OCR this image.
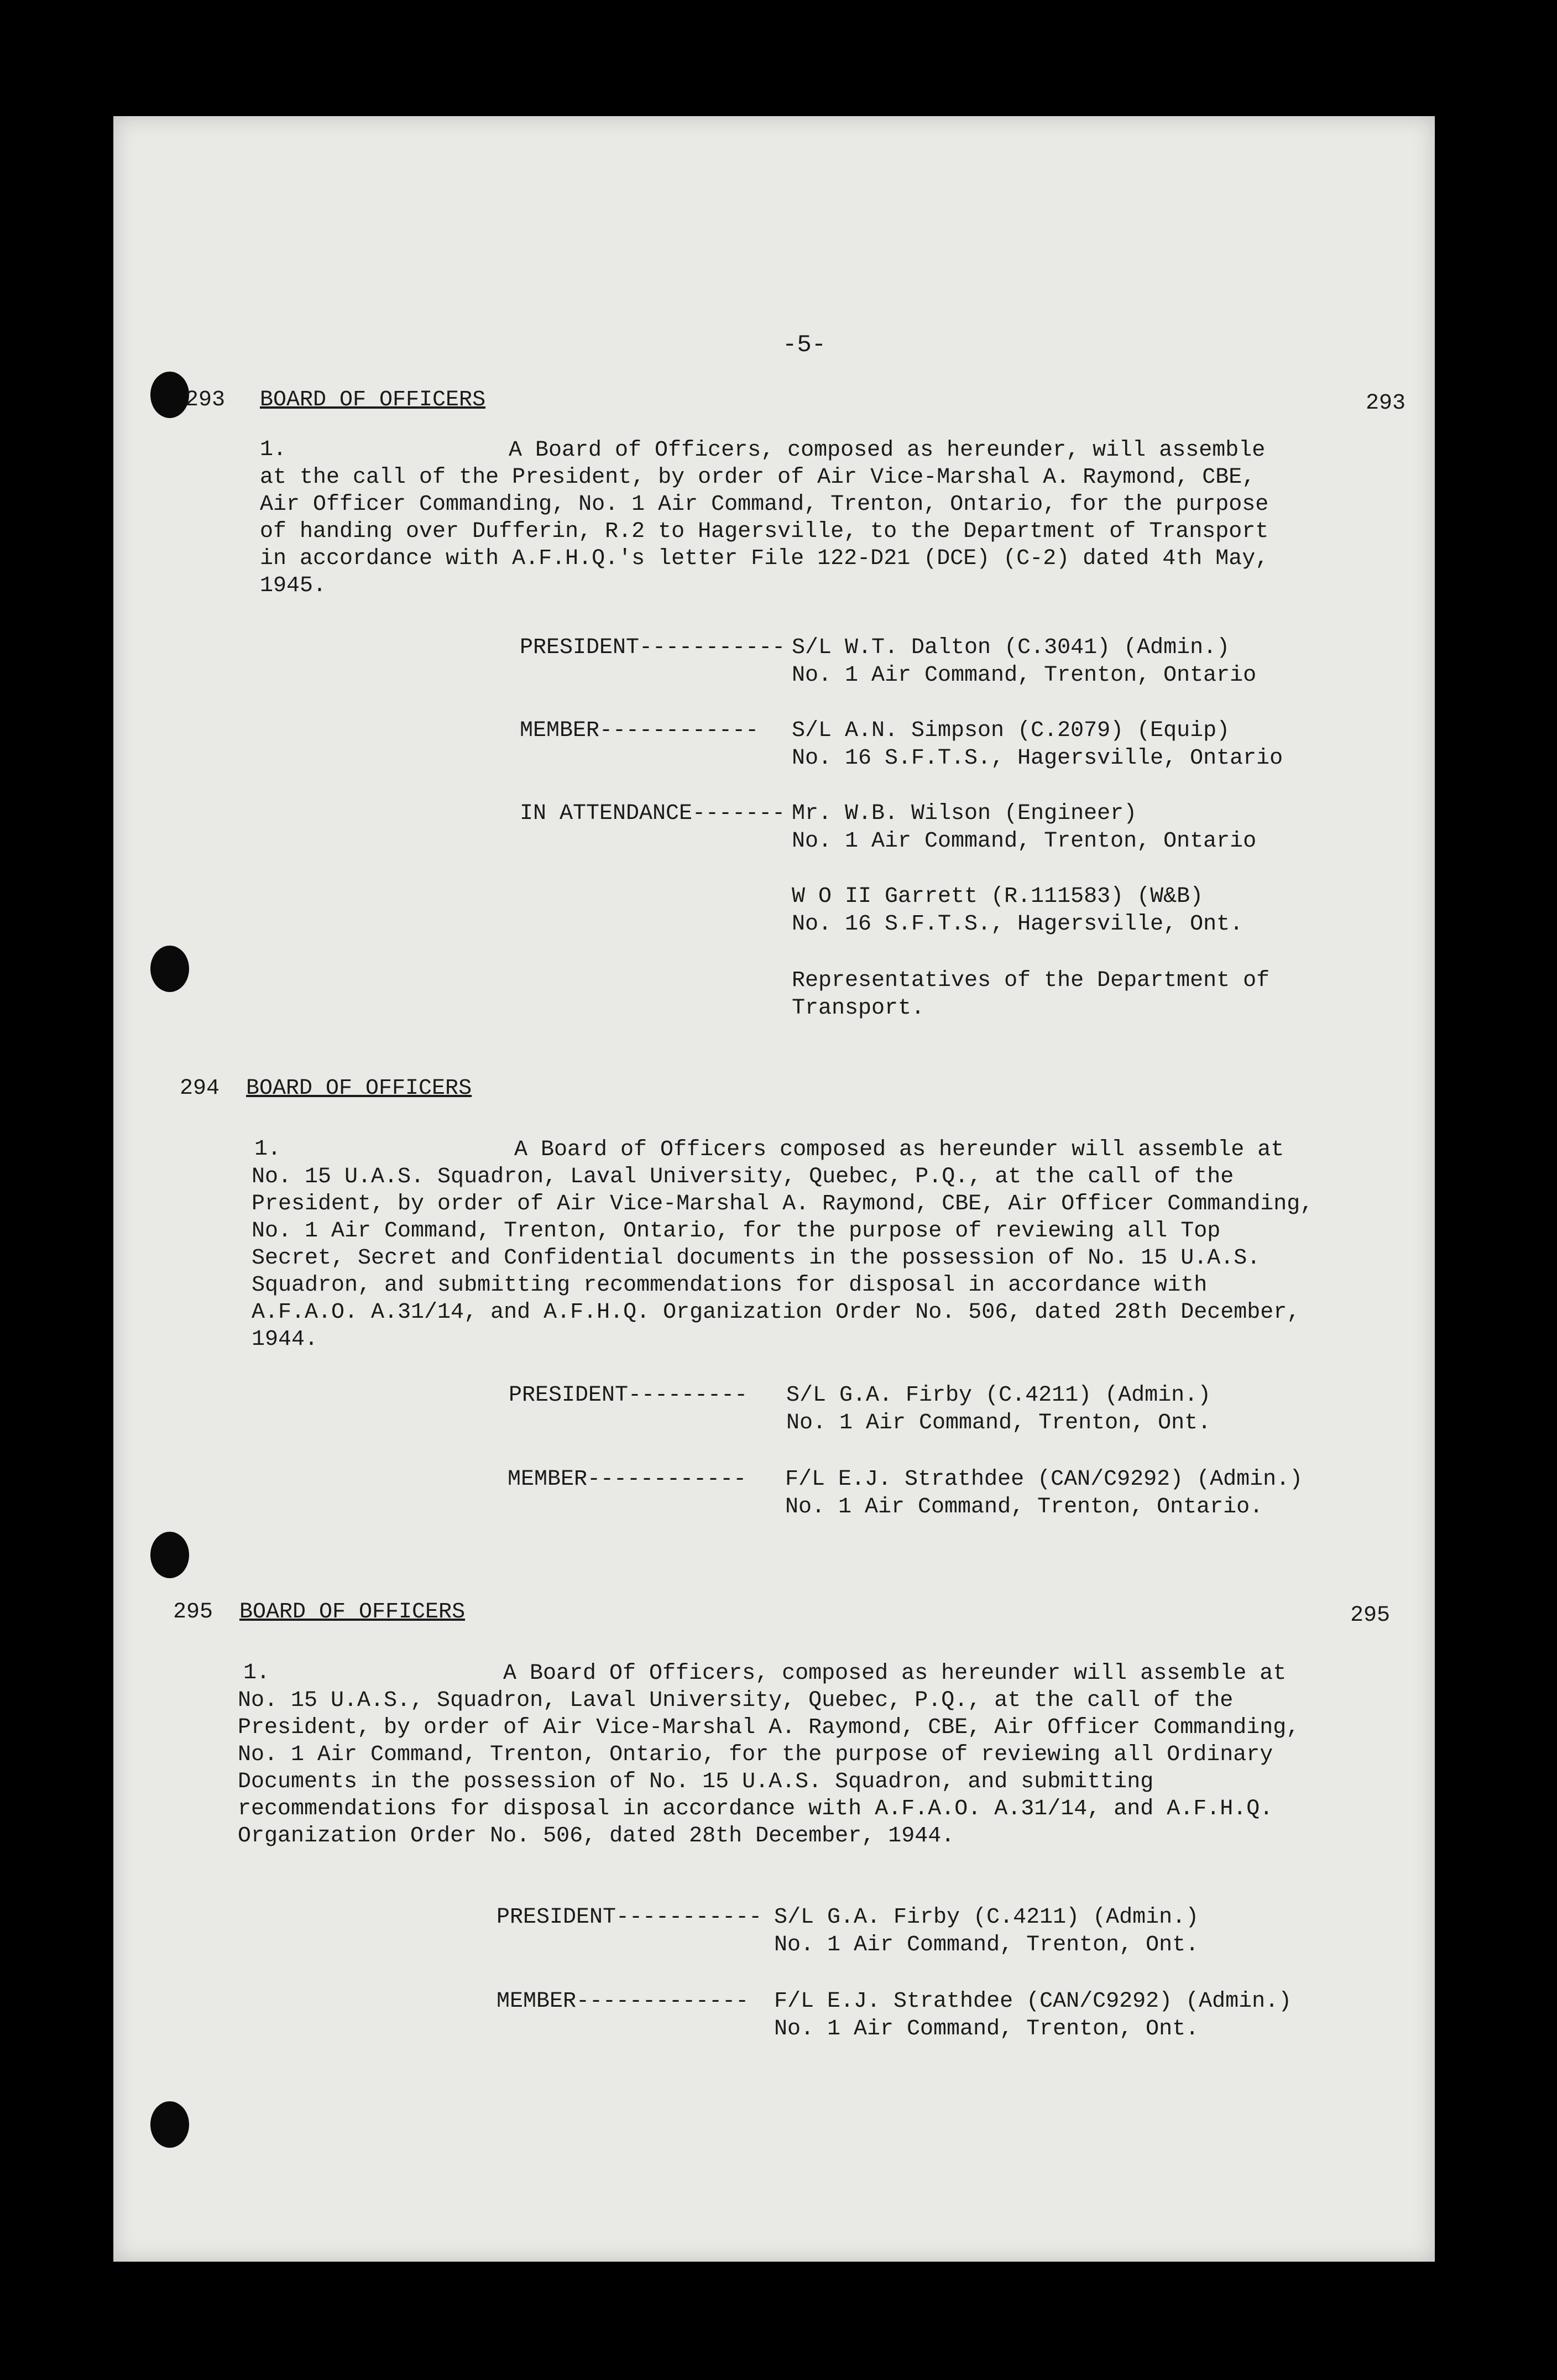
-5-
293 BOARD OF OFFICERS	293
1.	A Board of Officers, composed as hereunder, will assemble
at the call of the President, by order of Air Vice-Marshal A. Raymond, CBE,
Air Officer Commanding, No. 1 Air Command, Trenton, Ontario, for the purpose
of handing over Dufferin, R.2 to Hagersville, to the Department of Transport
in accordance with A.F.H.Q.'s letter File 122-D21 (DCE) (C-2) dated 4th May,
1945.
PRESIDENT----------- S/L W.T. Dalton (C.3041) (Admin.)
No. 1 Air Command, Trenton, Ontario
MEMBER------------ S/L A.N. Simpson (C.2079) (Equip)
No. 16 S.F.T.S., Hagersville, Ontario
IN ATTENDANCE------- Mr. W.B. Wilson (Engineer)
No. 1 Air Command, Trenton, Ontario
W O II Garrett (R.111583) (W&B)
No. 16 S.F.T.S., Hagersville, Ont.
Representatives of the Department of
Transport.
294 BOARD OF OFFICERS
1.	A Board of Officers composed as hereunder will assemble at
No. 15 U.A.S. Squadron, Laval University, Quebec, P.Q., at the call of the
President, by order of Air Vice-Marshal A. Raymond, CBE, Air Officer Commanding,
No. 1 Air Command, Trenton, Ontario, for the purpose of reviewing all Top
Secret, Secret and Confidential documents in the possession of No. 15 U.A.S.
Squadron, and submitting recommendations for disposal in accordance with
A.F.A.O. A.31/14, and A.F.H.Q. Organization Order No. 506, dated 28th December,
1944.
PRESIDENT--------- S/L G.A. Firby (C.4211) (Admin.)
No. 1 Air Command, Trenton, Ont.
MEMBER------------ F/L E.J. Strathdee (CAN/C9292) (Admin.)
No. 1 Air Command, Trenton, Ontario.
295 BOARD OF OFFICERS	295
1.	A Board Of Officers, composed as hereunder will assemble at
No. 15 U.A.S., Squadron, Laval University, Quebec, P.Q., at the call of the
President, by order of Air Vice-Marshal A. Raymond, CBE, Air Officer Commanding,
No. 1 Air Command, Trenton, Ontario, for the purpose of reviewing all Ordinary
Documents in the possession of No. 15 U.A.S. Squadron, and submitting
recommendations for disposal in accordance with A.F.A.O. A.31/14, and A.F.H.Q.
Organization Order No. 506, dated 28th December, 1944.
PRESIDENT----------- S/L G.A. Firby (C.4211) (Admin.)
No. 1 Air Command, Trenton, Ont.
MEMBER------------- F/L E.J. Strathdee (CAN/C9292) (Admin.)
No. 1 Air Command, Trenton, Ont.
